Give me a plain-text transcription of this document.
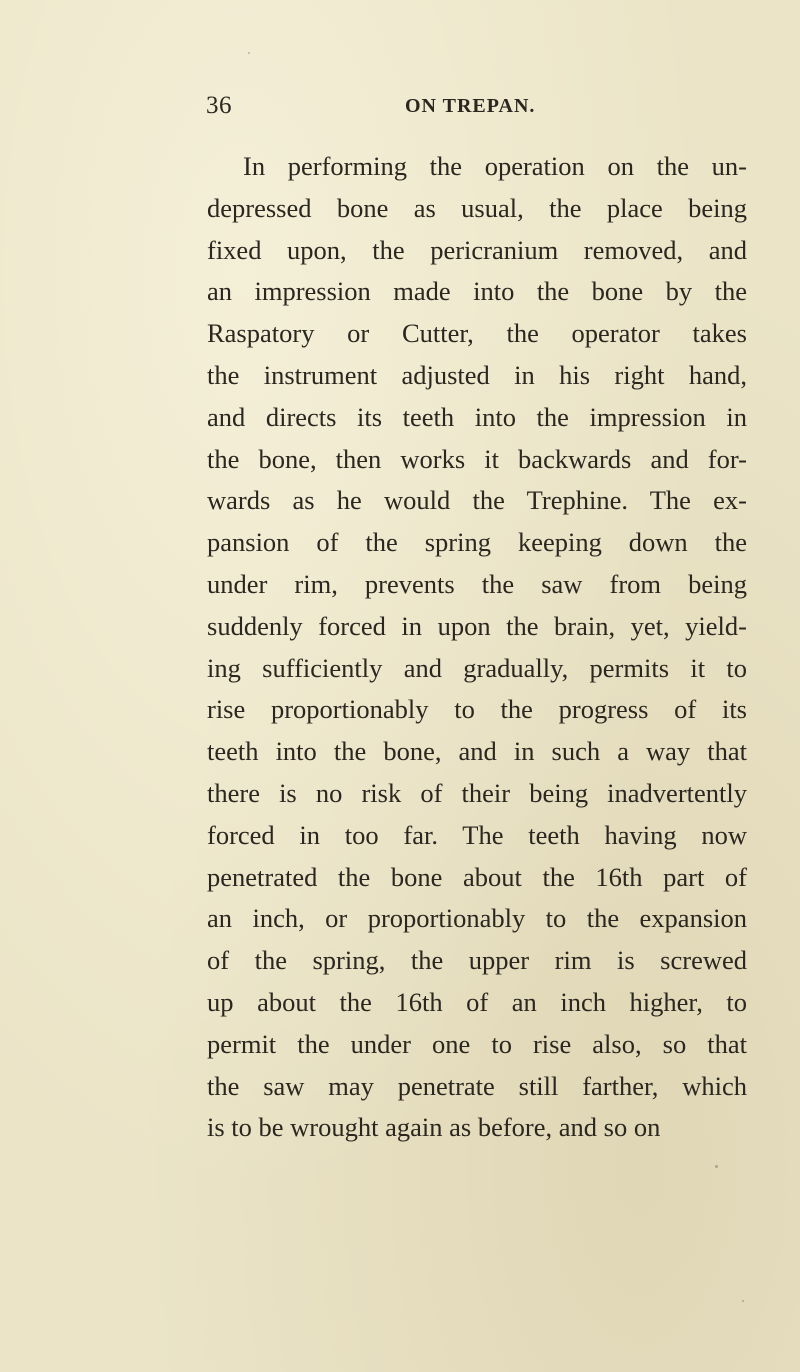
36	ON TREPAN.
In performing the operation on the un-
depressed bone as usual, the place being
fixed upon, the pericranium removed, and
an impression made into the bone by the
Raspatory or Cutter, the operator takes
the instrument adjusted in his right hand,
and directs its teeth into the impression in
the bone, then works it backwards and for-
wards as he would the Trephine. The ex-
pansion of the spring keeping down the
under rim, prevents the saw from being
suddenly forced in upon the brain, yet, yield-
ing sufficiently and gradually, permits it to
rise proportionably to the progress of its
teeth into the bone, and in such a way that
there is no risk of their being inadvertently
forced in too far. The teeth having now
penetrated the bone about the 16th part of
an inch, or proportionably to the expansion
of the spring, the upper rim is screwed
up about the 16th of an inch higher, to
permit the under one to rise also, so that
the saw may penetrate still farther, which
is to be wrought again as before, and so on
